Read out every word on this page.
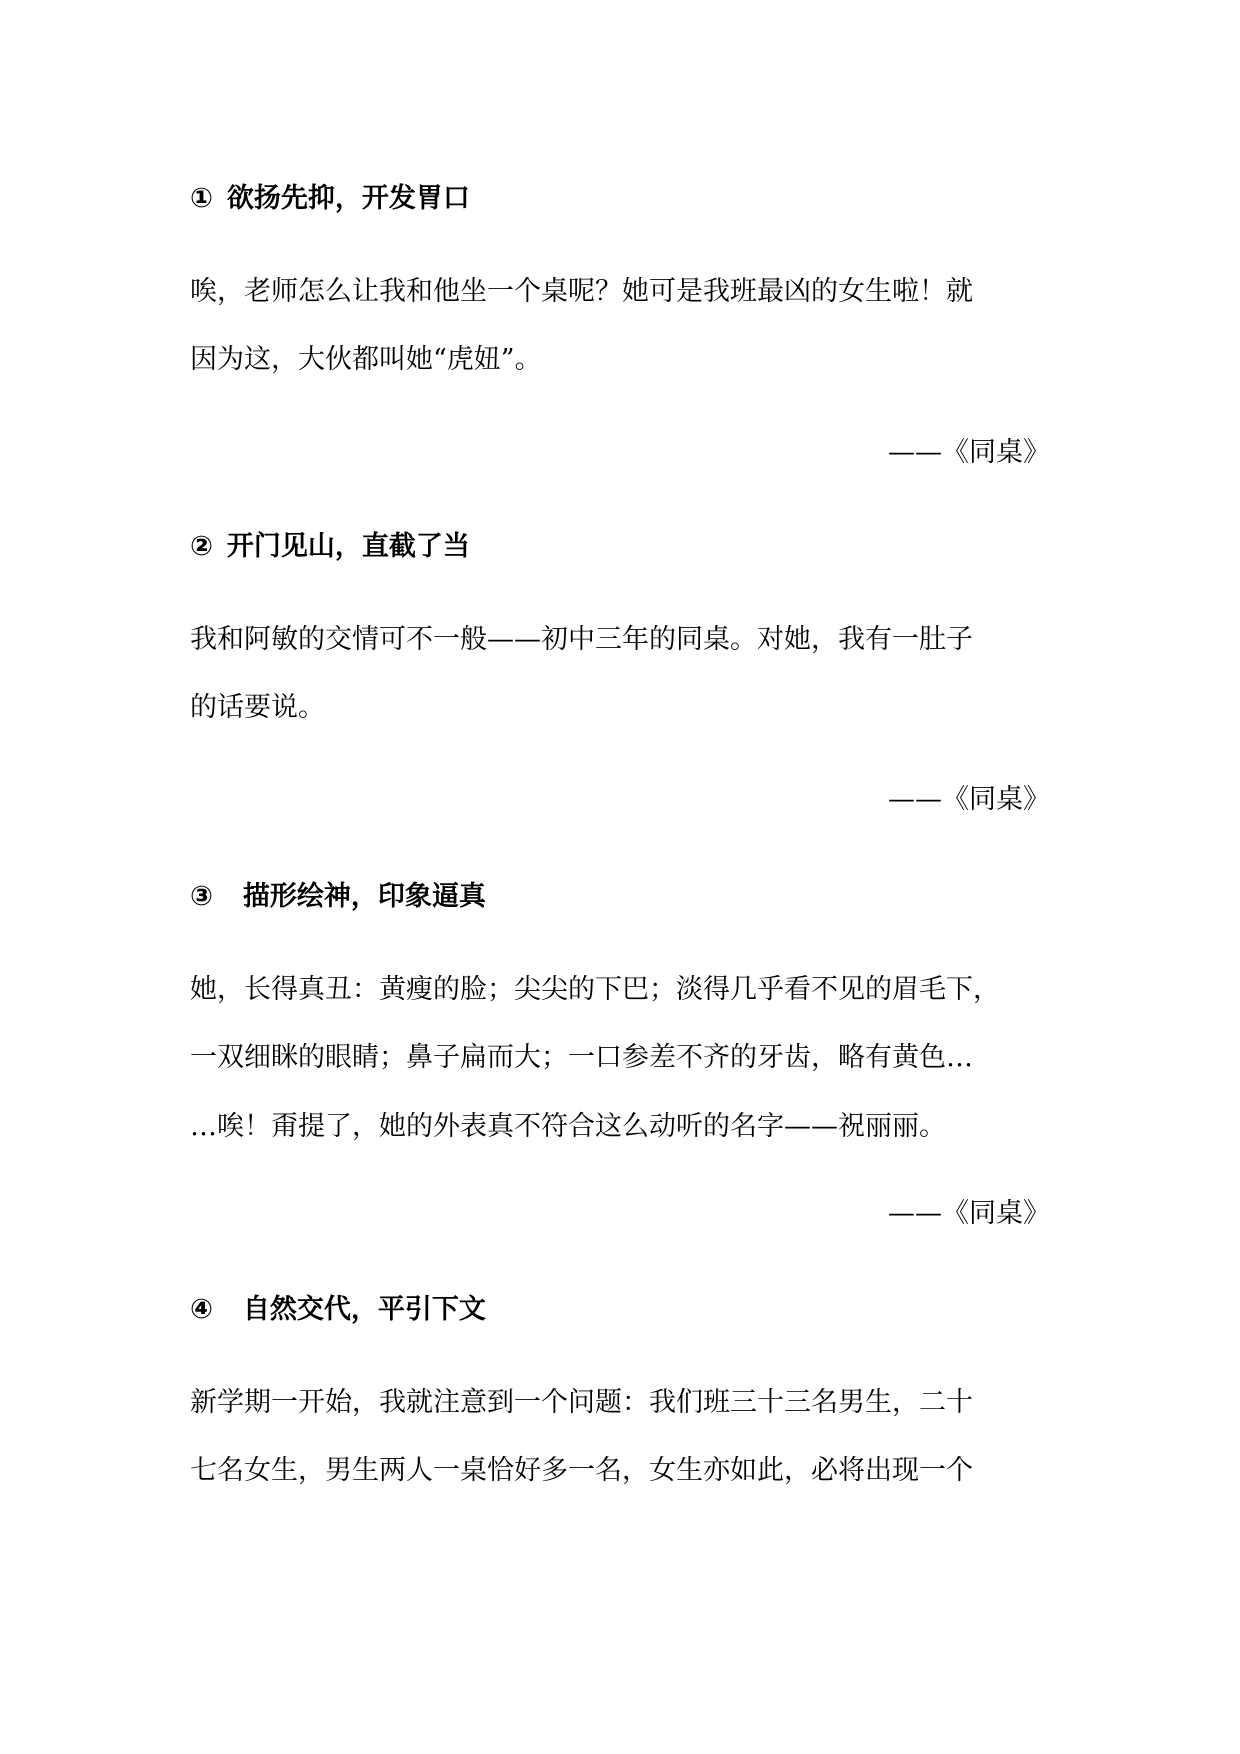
① 欲扬先抑，开发胃口
唉，老师怎么让我和他坐一个桌呢？她可是我班最凶的女生啦！就
因为这，大伙都叫她“虎妞”。
——《同桌》
② 开门见山，直截了当
我和阿敏的交情可不一般——初中三年的同桌。对她，我有一肚子
的话要说。
——《同桌》
③ 描形绘神，印象逼真
她，长得真丑：黄瘦的脸；尖尖的下巴；淡得几乎看不见的眉毛下，
一双细眯的眼睛；鼻子扁而大；一口参差不齐的牙齿，略有黄色…
…唉！甭提了，她的外表真不符合这么动听的名字——祝丽丽。
——《同桌》
④ 自然交代，平引下文
新学期一开始，我就注意到一个问题：我们班三十三名男生，二十
七名女生，男生两人一桌恰好多一名，女生亦如此，必将出现一个
